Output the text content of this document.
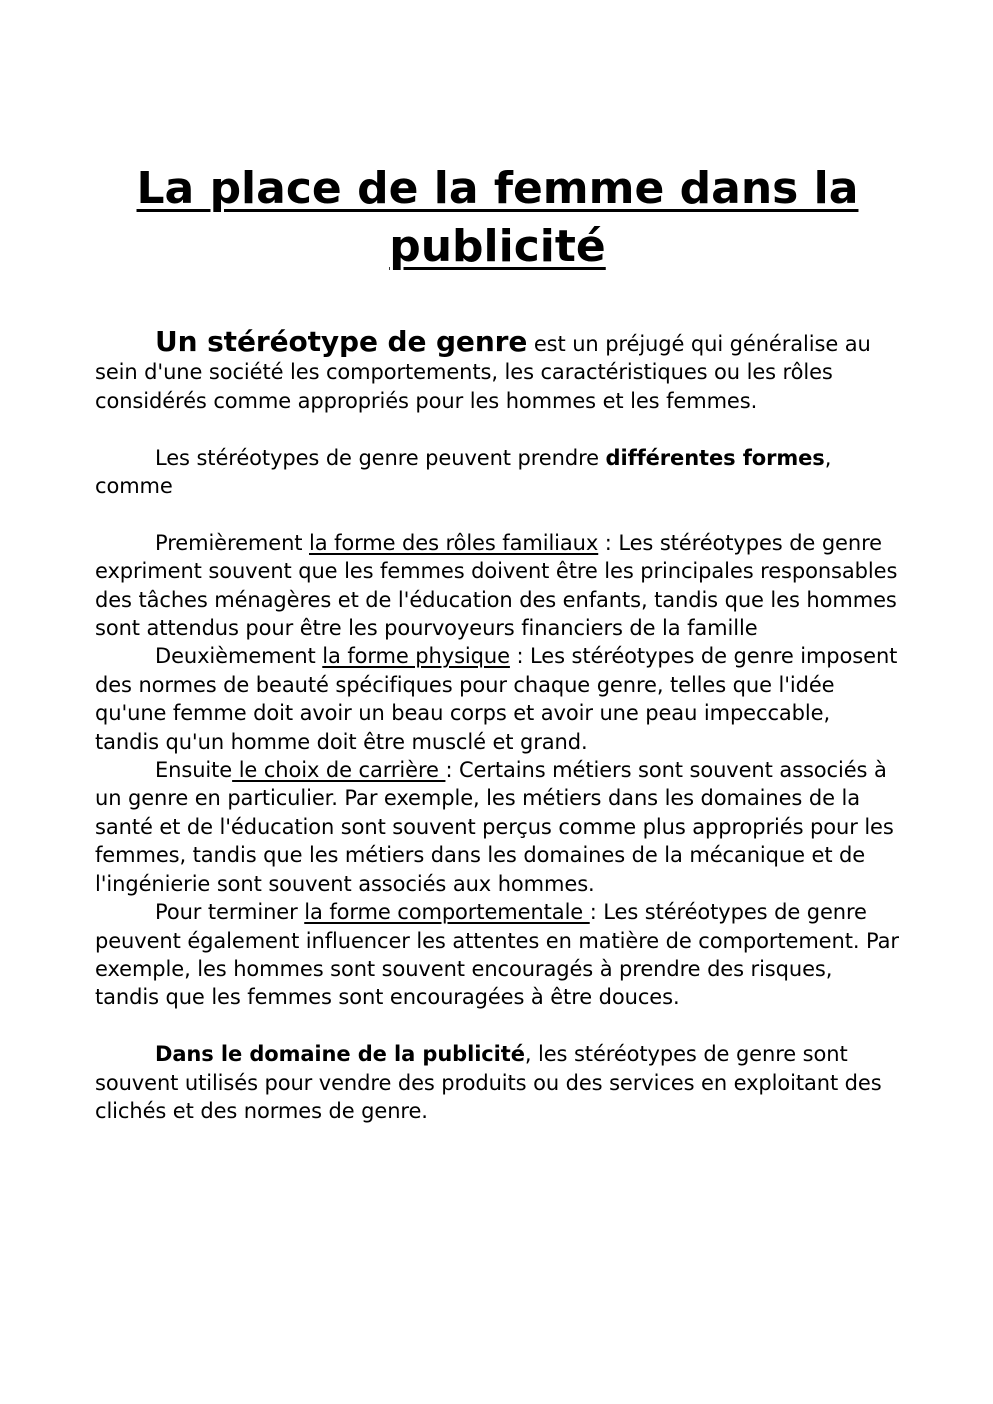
La place de la femme dans la publicité

Un stéréotype de genre est un préjugé qui généralise au sein d'une société les comportements, les caractéristiques ou les rôles considérés comme appropriés pour les hommes et les femmes.

Les stéréotypes de genre peuvent prendre différentes formes, comme

Premièrement la forme des rôles familiaux : Les stéréotypes de genre expriment souvent que les femmes doivent être les principales responsables des tâches ménagères et de l'éducation des enfants, tandis que les hommes sont attendus pour être les pourvoyeurs financiers de la famille

Deuxièmement la forme physique : Les stéréotypes de genre imposent des normes de beauté spécifiques pour chaque genre, telles que l'idée qu'une femme doit avoir un beau corps et avoir une peau impeccable, tandis qu'un homme doit être musclé et grand.

Ensuite le choix de carrière : Certains métiers sont souvent associés à un genre en particulier. Par exemple, les métiers dans les domaines de la santé et de l'éducation sont souvent perçus comme plus appropriés pour les femmes, tandis que les métiers dans les domaines de la mécanique et de l'ingénierie sont souvent associés aux hommes.

Pour terminer la forme comportementale : Les stéréotypes de genre peuvent également influencer les attentes en matière de comportement. Par exemple, les hommes sont souvent encouragés à prendre des risques, tandis que les femmes sont encouragées à être douces.

Dans le domaine de la publicité, les stéréotypes de genre sont souvent utilisés pour vendre des produits ou des services en exploitant des clichés et des normes de genre.
